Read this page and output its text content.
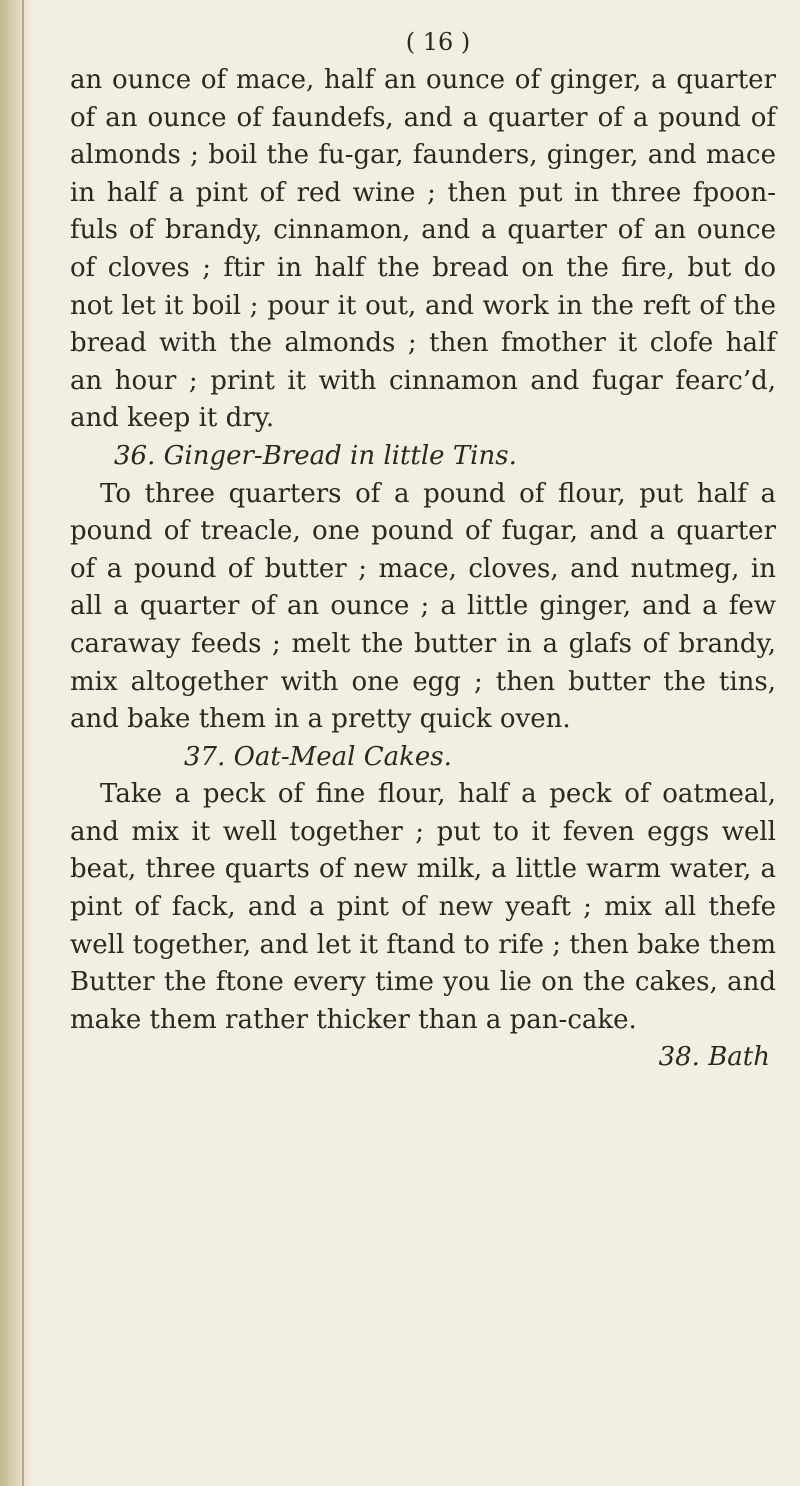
( 16 )

an ounce of mace, half an ounce of ginger, a quarter of an ounce of faundefs, and a quarter of a pound of almonds ; boil the fu-gar, faunders, ginger, and mace in half a pint of red wine ; then put in three fpoon-fuls of brandy, cinnamon, and a quarter of an ounce of cloves ; ftir in half the bread on the fire, but do not let it boil ; pour it out, and work in the reft of the bread with the almonds ; then fmother it clofe half an hour ; print it with cinnamon and fugar fearc’d, and keep it dry.

36. Ginger-Bread in little Tins.

To three quarters of a pound of flour, put half a pound of treacle, one pound of fugar, and a quarter of a pound of butter ; mace, cloves, and nutmeg, in all a quarter of an ounce ; a little ginger, and a few caraway feeds ; melt the butter in a glafs of brandy, mix altogether with one egg ; then butter the tins, and bake them in a pretty quick oven.

37. Oat-Meal Cakes.

Take a peck of fine flour, half a peck of oatmeal, and mix it well together ; put to it feven eggs well beat, three quarts of new milk, a little warm water, a pint of fack, and a pint of new yeaft ; mix all thefe well together, and let it ftand to rife ; then bake them Butter the ftone every time you lie on the cakes, and make them rather thicker than a pan-cake.

38. Bath
